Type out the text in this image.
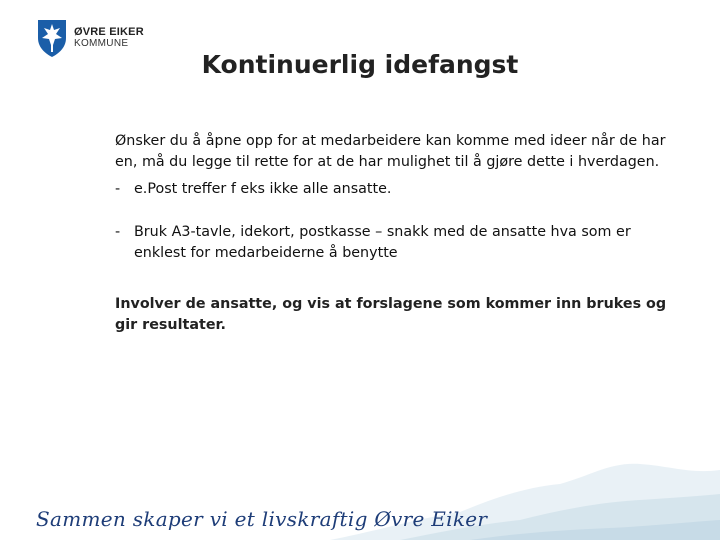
ØVRE EIKER
KOMMUNE
Kontinuerlig idefangst

Ønsker du å åpne opp for at medarbeidere kan komme med ideer når de har en, må du legge til rette for at de har mulighet til å gjøre dette i hverdagen.

- e.Post treffer f eks ikke alle ansatte.
- Bruk A3-tavle, idekort, postkasse – snakk med de ansatte hva som er enklest for medarbeiderne å benytte

Involver de ansatte, og vis at forslagene som kommer inn brukes og gir resultater.

Sammen skaper vi et livskraftig Øvre Eiker
